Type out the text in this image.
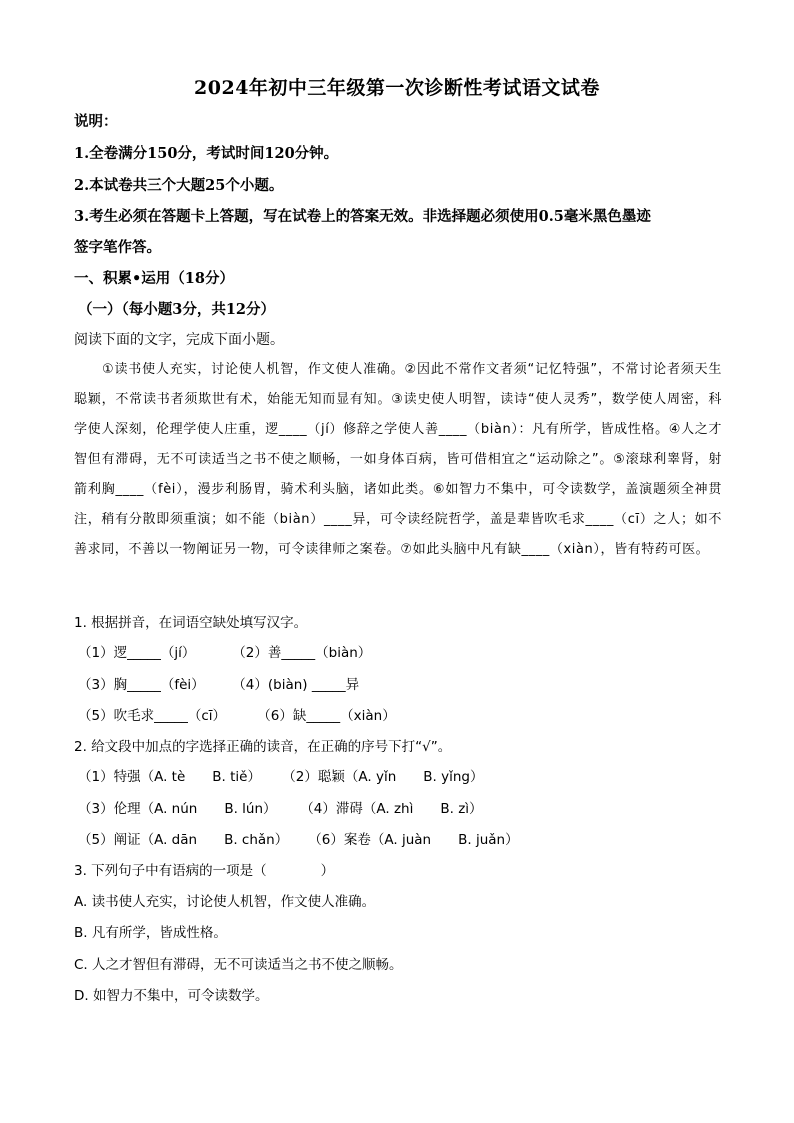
2024年初中三年级第一次诊断性考试语文试卷
说明：
1.全卷满分150分，考试时间120分钟。
2.本试卷共三个大题25个小题。
3.考生必须在答题卡上答题，写在试卷上的答案无效。非选择题必须使用0.5毫米黑色墨迹
签字笔作答。
一、积累•运用（18分）
（一）（每小题3分，共12分）
阅读下面的文字，完成下面小题。

①读书使人充实，讨论使人机智，作文使人准确。②因此不常作文者须“记忆特强”，不常讨论者须天生聪颖，不常读书者须欺世有术，始能无知而显有知。③读史使人明智，读诗“使人灵秀”，数学使人周密，科学使人深刻，伦理学使人庄重，逻____（jí）修辞之学使人善____（biàn）：凡有所学，皆成性格。④人之才智但有滞碍，无不可读适当之书不使之顺畅，一如身体百病，皆可借相宜之“运动除之”。⑤滚球利睾肾，射箭利胸____（fèi），漫步利肠胃，骑术利头脑，诸如此类。⑥如智力不集中，可令读数学，盖演题须全神贯注，稍有分散即须重演；如不能（biàn）____异，可令读经院哲学，盖是辈皆吹毛求____（cī）之人；如不善求同，不善以一物阐证另一物，可令读律师之案卷。⑦如此头脑中凡有缺____（xiàn），皆有特药可医。

1. 根据拼音，在词语空缺处填写汉字。
（1）逻_____（jí）	（2）善_____（biàn）
（3）胸_____（fèi） （4）(biàn) _____异
（5）吹毛求_____（cī） （6）缺_____（xiàn）
2. 给文段中加点的字选择正确的读音，在正确的序号下打“√”。
（1）特强（A. tè　　B. tiě） （2）聪颖（A. yǐn　　B. yǐng）
（3）伦理（A. nún　　B. lún） （4）滞碍（A. zhì　　B. zì）
（5）阐证（A. dān　　B. chǎn） （6）案卷（A. juàn　　B. juǎn）
3. 下列句子中有语病的一项是（　　　　）
A. 读书使人充实，讨论使人机智，作文使人准确。
B. 凡有所学，皆成性格。
C. 人之才智但有滞碍，无不可读适当之书不使之顺畅。
D. 如智力不集中，可令读数学。
